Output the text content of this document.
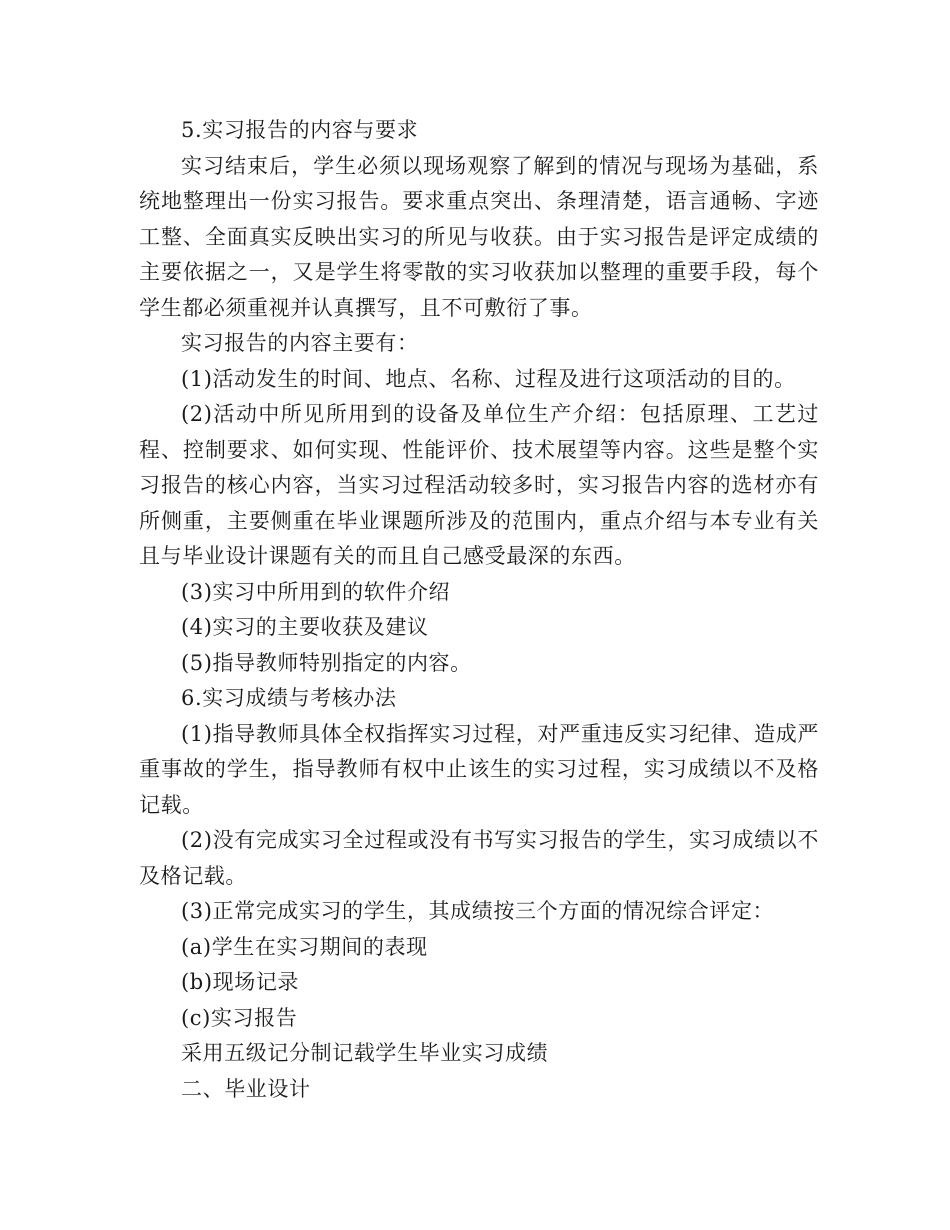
5.实习报告的内容与要求

实习结束后，学生必须以现场观察了解到的情况与现场为基础，系统地整理出一份实习报告。要求重点突出、条理清楚，语言通畅、字迹工整、全面真实反映出实习的所见与收获。由于实习报告是评定成绩的主要依据之一，又是学生将零散的实习收获加以整理的重要手段，每个学生都必须重视并认真撰写，且不可敷衍了事。

实习报告的内容主要有：

(1)活动发生的时间、地点、名称、过程及进行这项活动的目的。

(2)活动中所见所用到的设备及单位生产介绍：包括原理、工艺过程、控制要求、如何实现、性能评价、技术展望等内容。这些是整个实习报告的核心内容，当实习过程活动较多时，实习报告内容的选材亦有所侧重，主要侧重在毕业课题所涉及的范围内，重点介绍与本专业有关且与毕业设计课题有关的而且自己感受最深的东西。

(3)实习中所用到的软件介绍

(4)实习的主要收获及建议

(5)指导教师特别指定的内容。

6.实习成绩与考核办法

(1)指导教师具体全权指挥实习过程，对严重违反实习纪律、造成严重事故的学生，指导教师有权中止该生的实习过程，实习成绩以不及格记载。

(2)没有完成实习全过程或没有书写实习报告的学生，实习成绩以不及格记载。

(3)正常完成实习的学生，其成绩按三个方面的情况综合评定：

(a)学生在实习期间的表现

(b)现场记录

(c)实习报告

采用五级记分制记载学生毕业实习成绩

二、毕业设计
